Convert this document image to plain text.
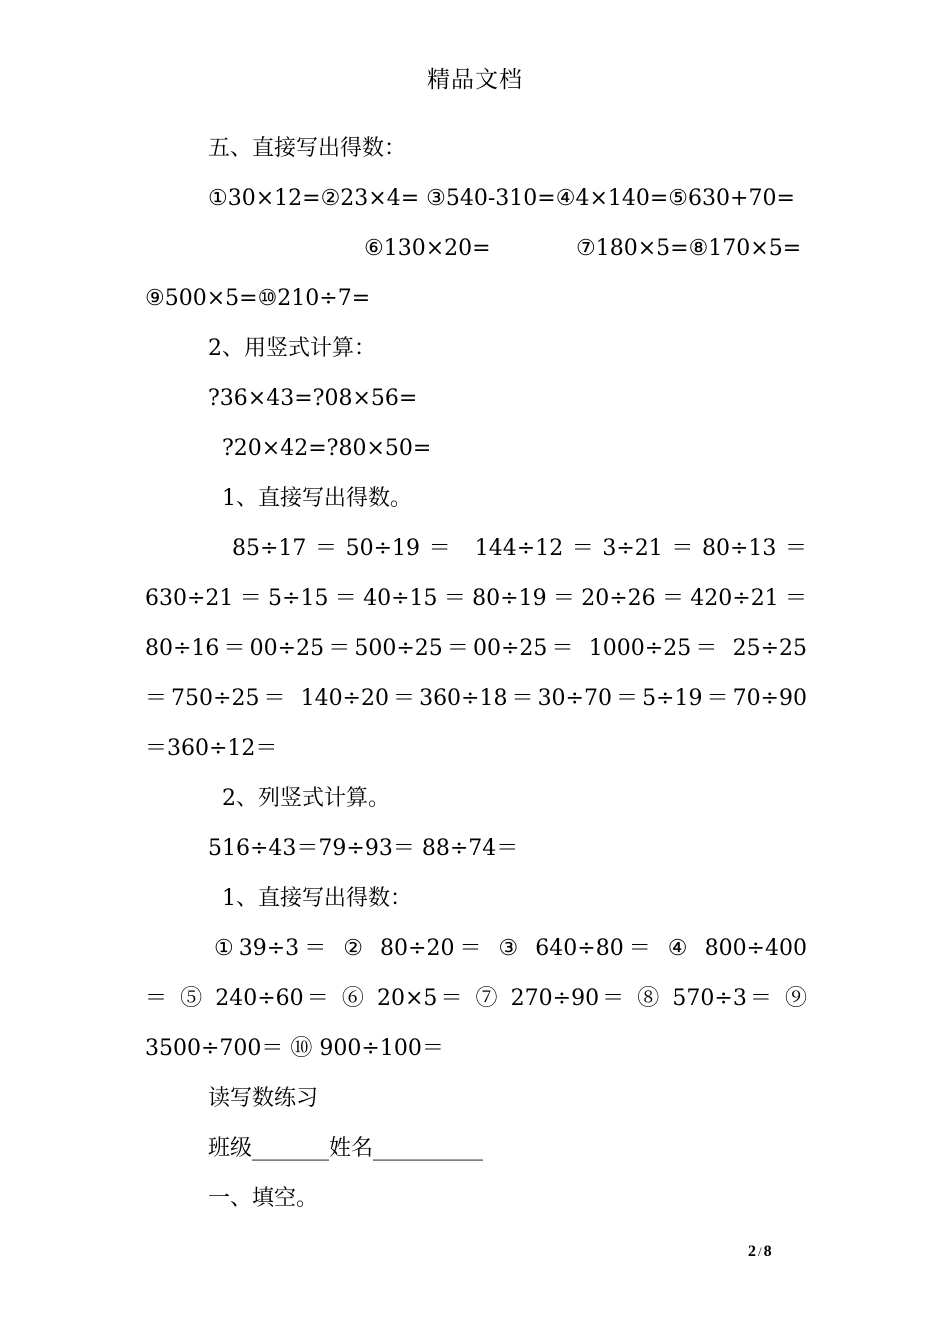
精品文档
五、直接写出得数：
①30×12=②23×4= ③540-310=④4×140=⑤630+70=
⑥130×20=	⑦180×5=⑧170×5=
⑨500×5=⑩210÷7=
2、用竖式计算：
?36×43=?08×56=
?20×42=?80×50=
1、直接写出得数。
85÷17＝50÷19＝ 144÷12＝3÷21＝80÷13＝
630÷21＝5÷15＝40÷15＝80÷19＝20÷26＝420÷21＝
80÷16＝00÷25＝500÷25＝00÷25＝ 1000÷25＝ 25÷25
＝750÷25＝ 140÷20＝360÷18＝30÷70＝5÷19＝70÷90
＝360÷12＝
2、列竖式计算。
516÷43＝79÷93＝ 88÷74＝
1、直接写出得数：
①39÷3＝ ② 80÷20＝ ③ 640÷80＝ ④ 800÷400
＝ ⑤ 240÷60＝ ⑥ 20×5＝ ⑦ 270÷90＝ ⑧ 570÷3＝ ⑨
3500÷700＝ ⑩ 900÷100＝
读写数练习
班级_______姓名__________
一、填空。
2 / 8
